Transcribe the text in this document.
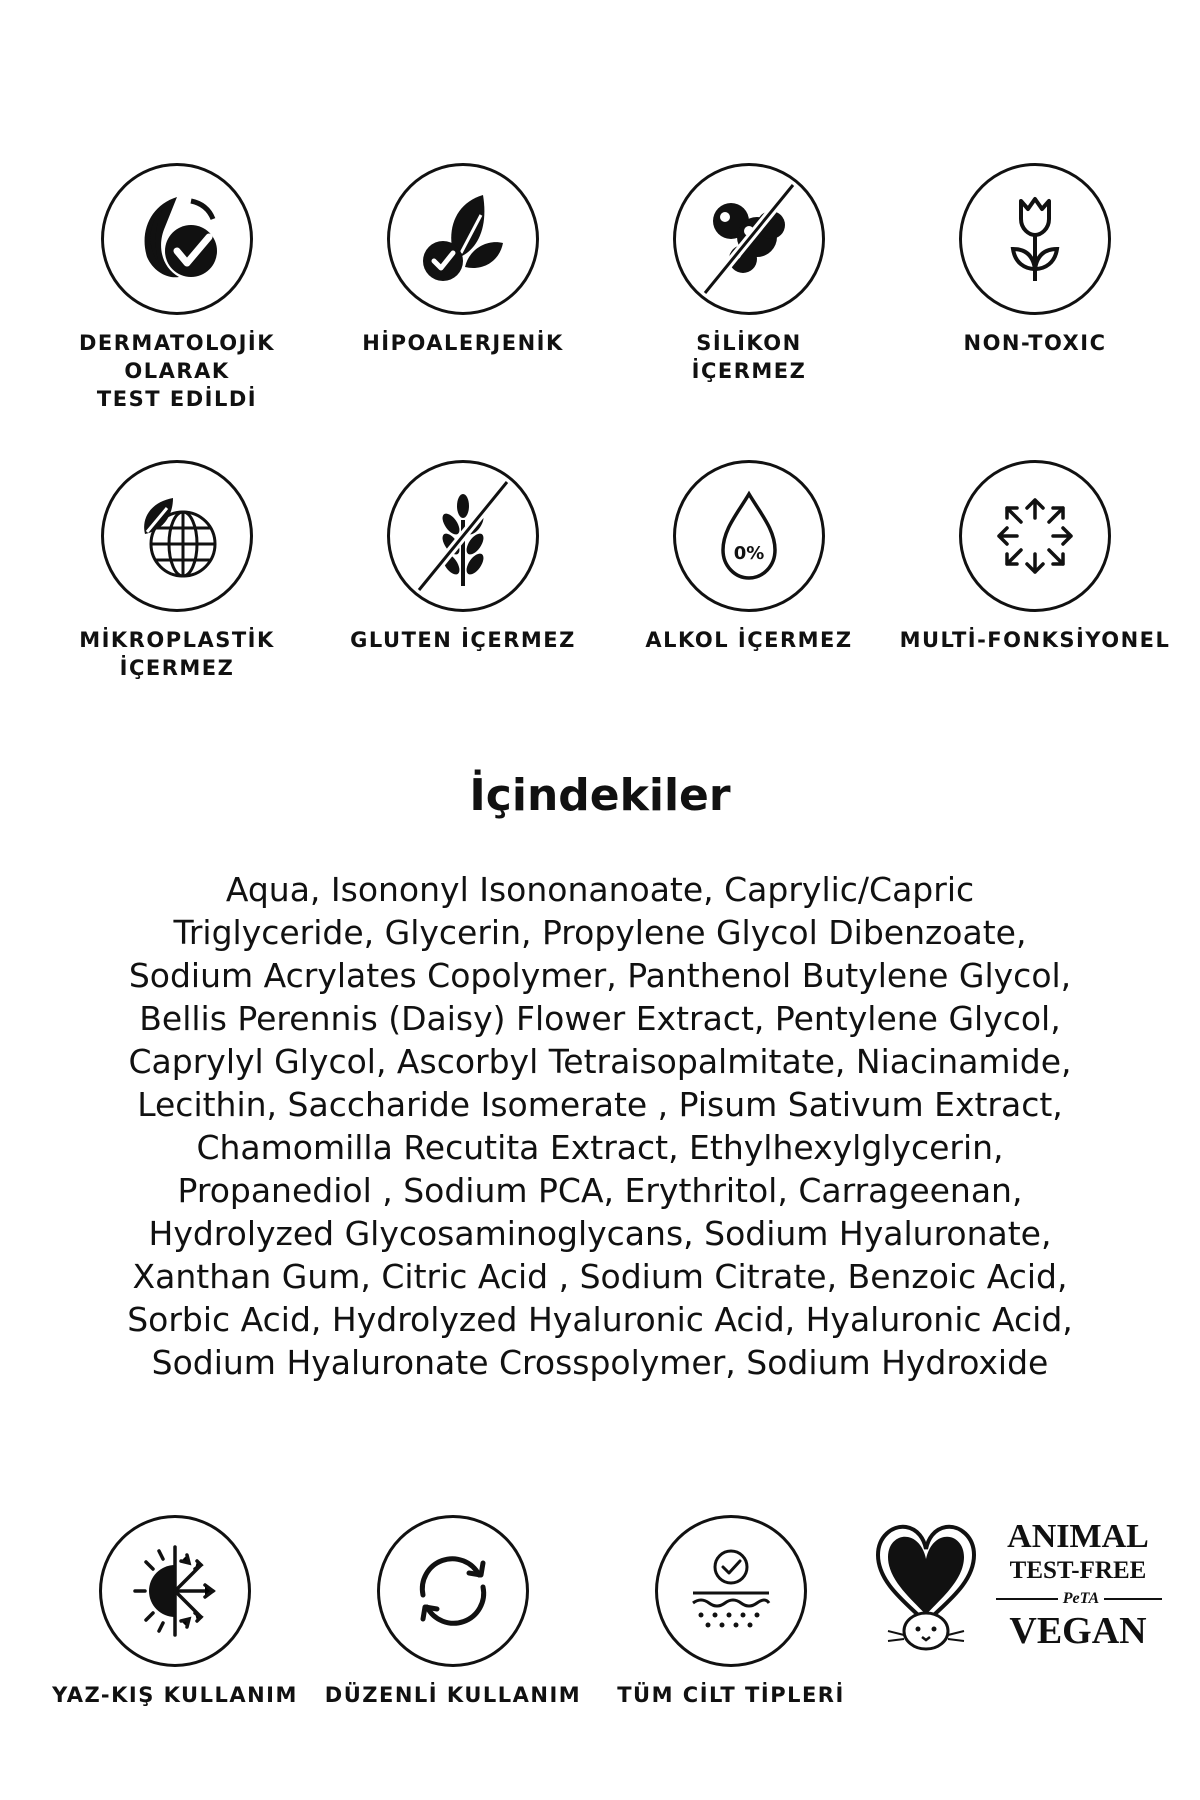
DERMATOLOJİK OLARAK
TEST EDİLDİ
HİPOALERJENİK	SİLİKON
İÇERMEZ
NON-TOXIC
MİKROPLASTİK
İÇERMEZ
GLUTEN İÇERMEZ
0%
ALKOL İÇERMEZ	MULTİ-FONKSİYONEL
İçindekiler

Aqua, Isononyl Isononanoate, Caprylic/Capric
Triglyceride, Glycerin, Propylene Glycol Dibenzoate,
Sodium Acrylates Copolymer, Panthenol Butylene Glycol,
Bellis Perennis (Daisy) Flower Extract, Pentylene Glycol,
Caprylyl Glycol, Ascorbyl Tetraisopalmitate, Niacinamide,
Lecithin, Saccharide Isomerate , Pisum Sativum Extract,
Chamomilla Recutita Extract, Ethylhexylglycerin,
Propanediol , Sodium PCA, Erythritol, Carrageenan,
Hydrolyzed Glycosaminoglycans, Sodium Hyaluronate,
Xanthan Gum, Citric Acid , Sodium Citrate, Benzoic Acid,
Sorbic Acid, Hydrolyzed Hyaluronic Acid, Hyaluronic Acid,
Sodium Hyaluronate Crosspolymer, Sodium Hydroxide

YAZ-KIŞ KULLANIM	DÜZENLİ KULLANIM	TÜM CİLT TİPLERİ
ANIMAL
TEST-FREE
PeTA
VEGAN
